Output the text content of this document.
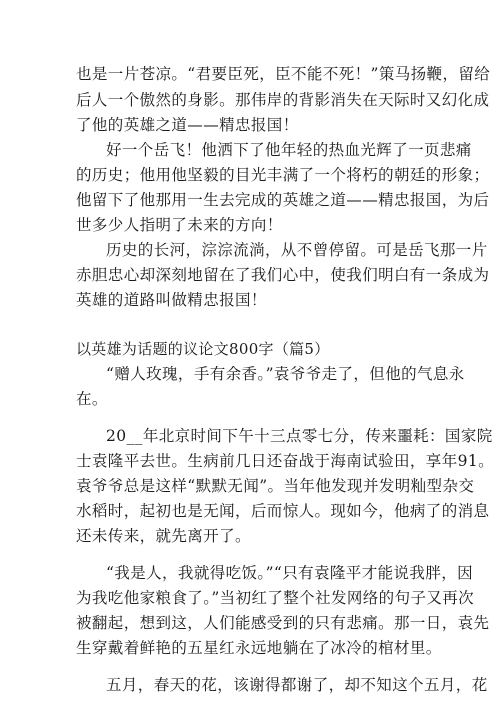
也是一片苍凉。“君要臣死，臣不能不死！”策马扬鞭，留给
后人一个傲然的身影。那伟岸的背影消失在天际时又幻化成
了他的英雄之道——精忠报国！
好一个岳飞！他洒下了他年轻的热血光辉了一页悲痛
的历史；他用他坚毅的目光丰满了一个将朽的朝廷的形象；
他留下了他那用一生去完成的英雄之道——精忠报国，为后
世多少人指明了未来的方向！
历史的长河，淙淙流淌，从不曾停留。可是岳飞那一片
赤胆忠心却深刻地留在了我们心中，使我们明白有一条成为
英雄的道路叫做精忠报国！
以英雄为话题的议论文800字（篇5）
“赠人玫瑰，手有余香。”袁爷爷走了，但他的气息永
在。
20__年北京时间下午十三点零七分，传来噩耗：国家院
士袁隆平去世。生病前几日还奋战于海南试验田，享年91。
袁爷爷总是这样“默默无闻”。当年他发现并发明籼型杂交
水稻时，起初也是无闻，后而惊人。现如今，他病了的消息
还未传来，就先离开了。
“我是人，我就得吃饭。”“只有袁隆平才能说我胖，因
为我吃他家粮食了。”当初红了整个社发网络的句子又再次
被翻起，想到这，人们能感受到的只有悲痛。那一日，袁先
生穿戴着鲜艳的五星红永远地躺在了冰冷的棺材里。
五月，春天的花，该谢得都谢了，却不知这个五月，花
